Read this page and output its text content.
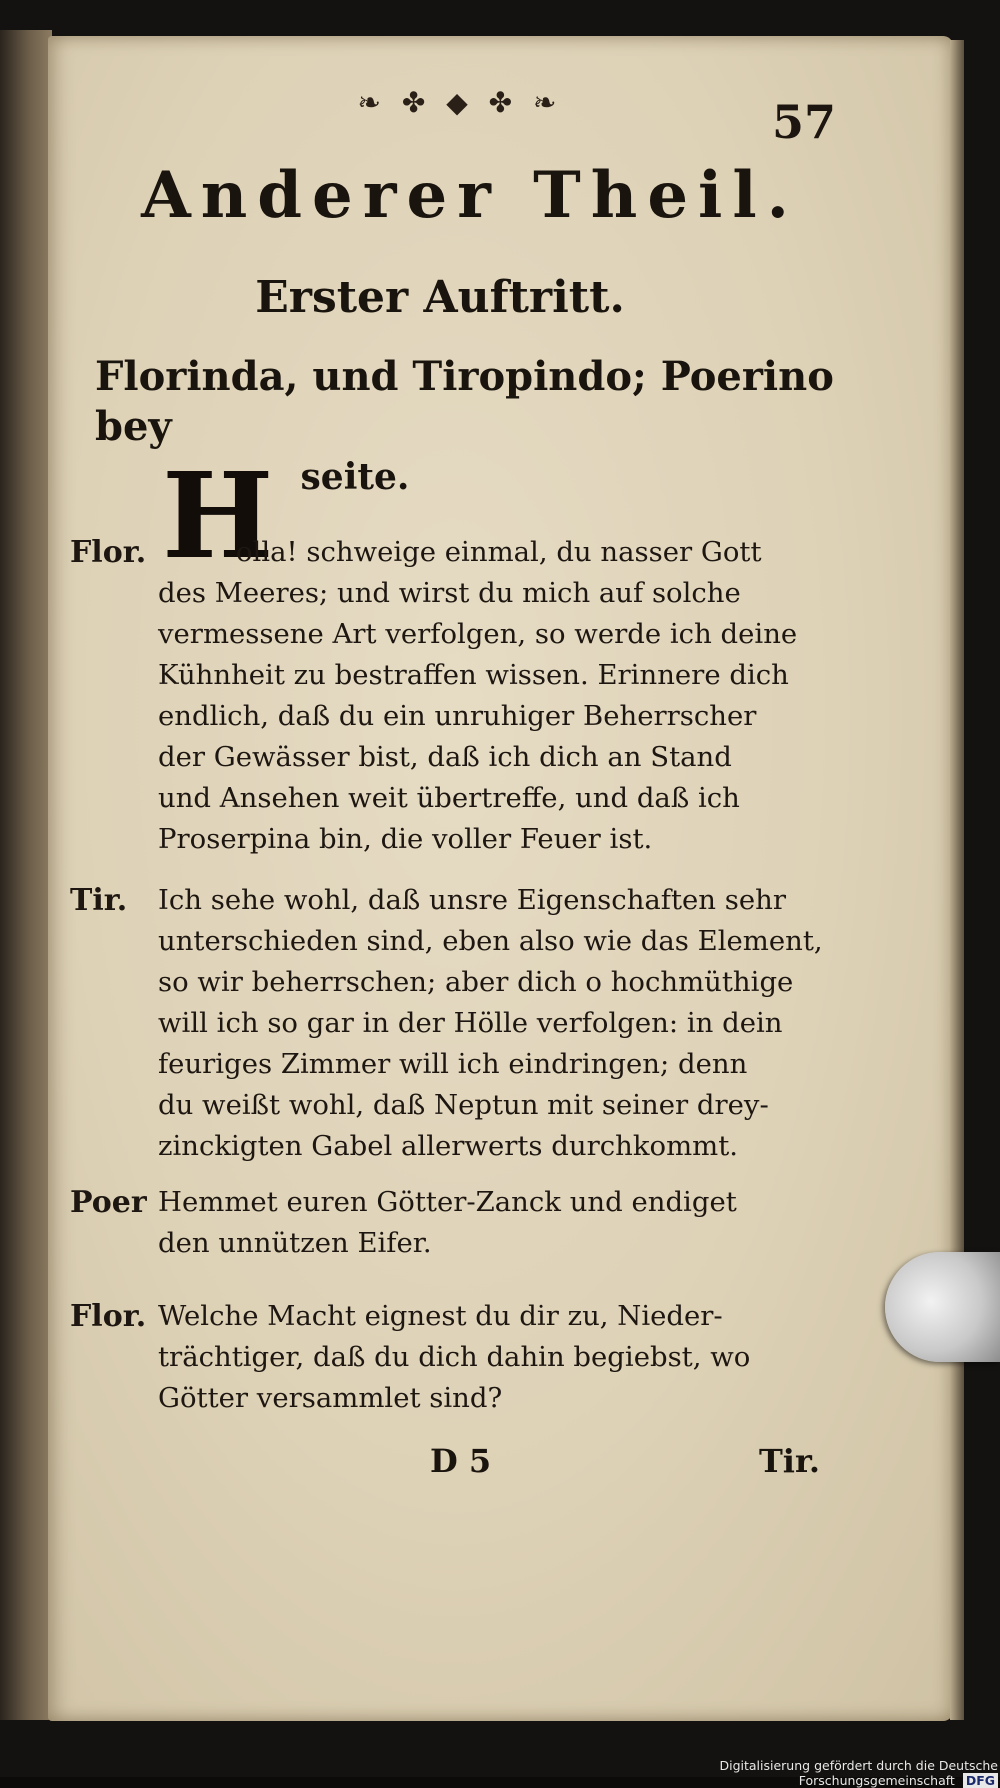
❧ ✤ ◆ ✤ ❧	57
Anderer Theil.
Erster Auftritt.
Florinda, und Tiropindo; Poerino bey
seite.
H
Flor.	olla! schweige einmal, du nasser Gott
des Meeres; und wirst du mich auf solche
vermessene Art verfolgen, so werde ich deine
Kühnheit zu bestraffen wissen. Erinnere dich
endlich, daß du ein unruhiger Beherrscher
der Gewässer bist, daß ich dich an Stand
und Ansehen weit übertreffe, und daß ich
Proserpina bin, die voller Feuer ist.
Tir. Ich sehe wohl, daß unsre Eigenschaften sehr
unterschieden sind, eben also wie das Element,
so wir beherrschen; aber dich o hochmüthige
will ich so gar in der Hölle verfolgen: in dein
feuriges Zimmer will ich eindringen; denn
du weißt wohl, daß Neptun mit seiner drey-
zinckigten Gabel allerwerts durchkommt.
Poer Hemmet euren Götter-Zanck und endiget
den unnützen Eifer.
Flor. Welche Macht eignest du dir zu, Nieder-
trächtiger, daß du dich dahin begiebst, wo
Götter versammlet sind?
D 5	Tir.
Digitalisierung gefördert durch die Deutsche Forschungsgemeinschaft DFG
